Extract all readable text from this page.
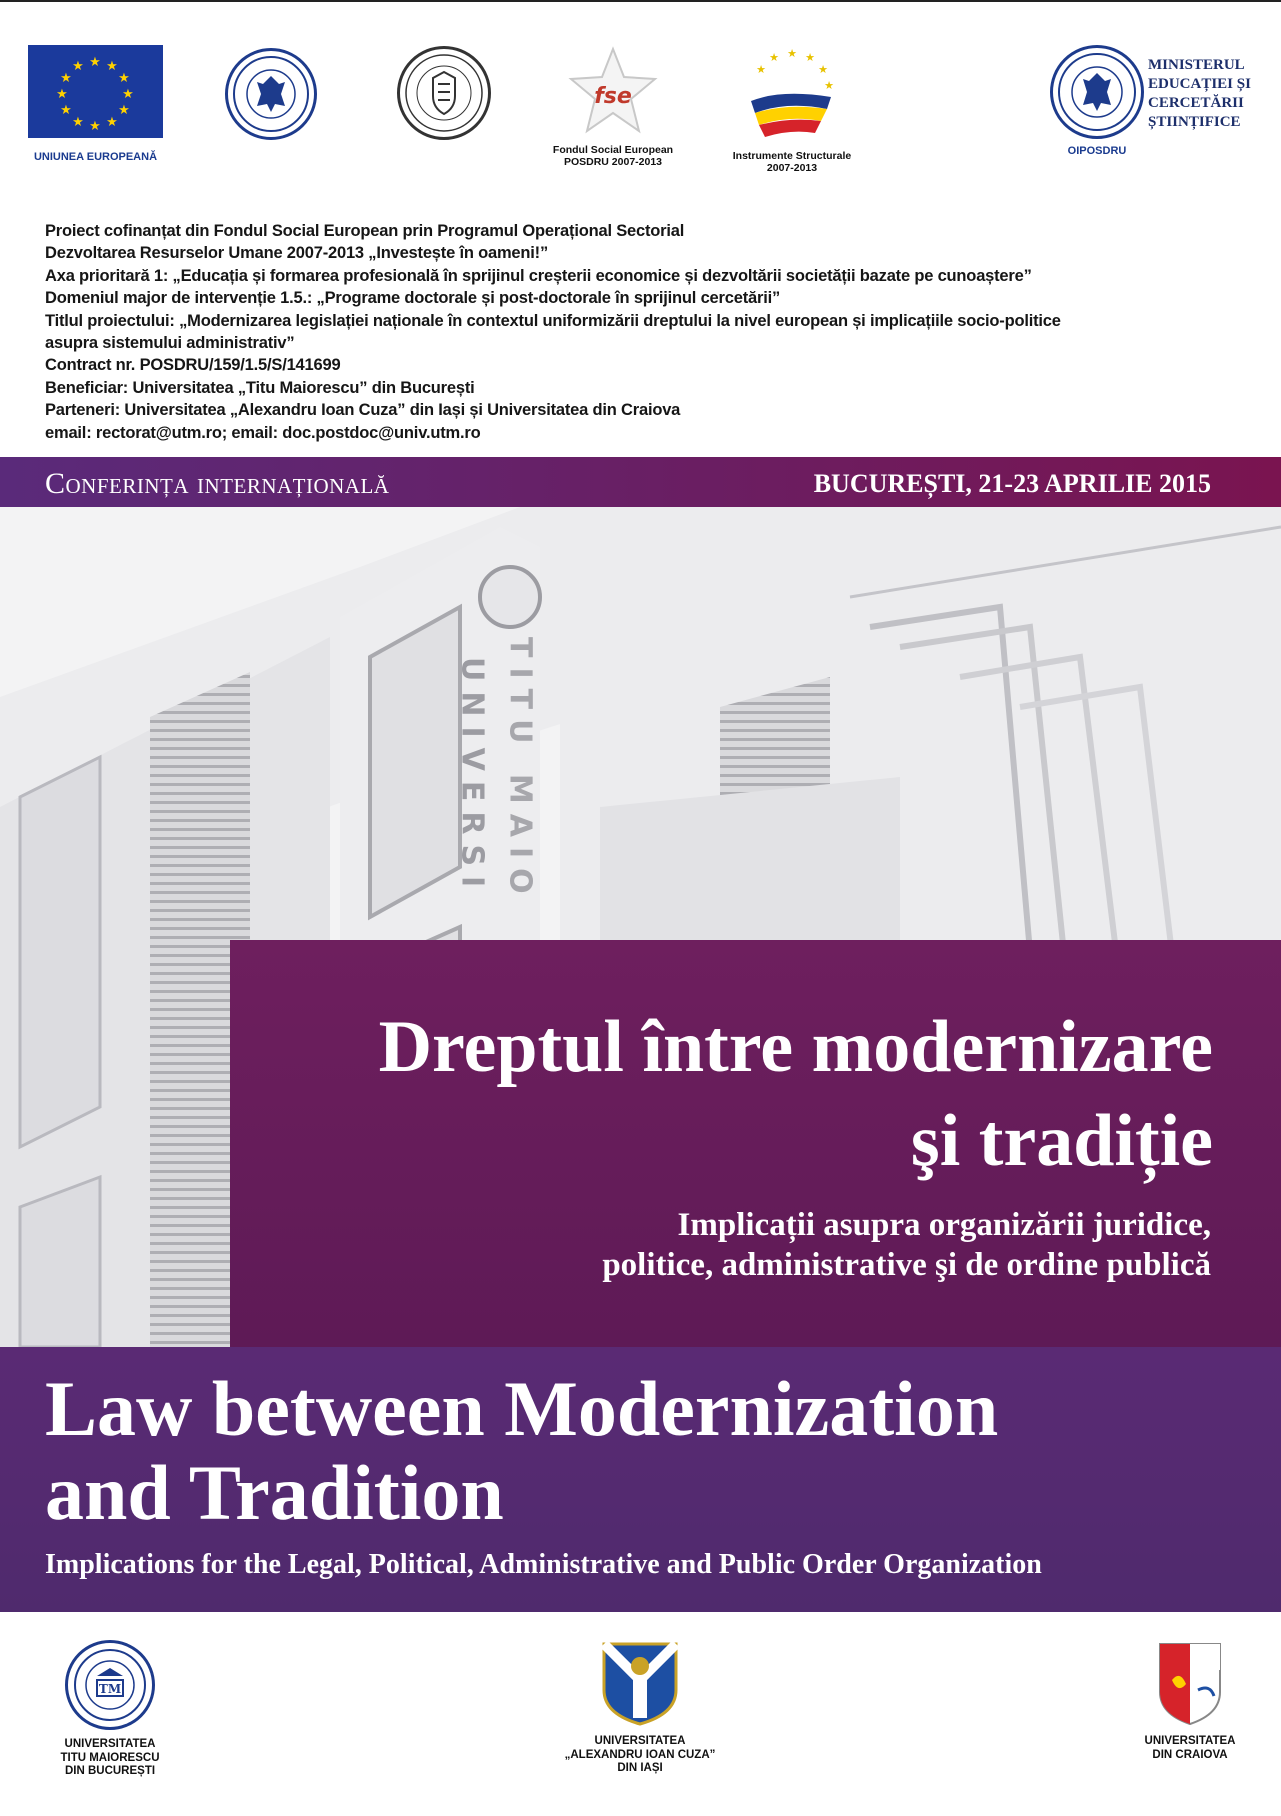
★ ★
★
★
★
★
★
★
★
★
★
★
UNIUNEA EUROPEANĂ
fse
Fondul Social European
POSDRU 2007-2013
★ ★
★
★
★
★
Instrumente Structurale
2007-2013
OIPOSDRU
MINISTERUL
EDUCAȚIEI ȘI
CERCETĂRII
ȘTIINȚIFICE
Proiect cofinanțat din Fondul Social European prin Programul Operațional Sectorial
Dezvoltarea Resurselor Umane 2007-2013 „Investește în oameni!”
Axa prioritară 1: „Educația și formarea profesională în sprijinul creșterii economice și dezvoltării societății bazate pe cunoaștere”
Domeniul major de intervenție 1.5.: „Programe doctorale și post-doctorale în sprijinul cercetării”
Titlul proiectului: „Modernizarea legislației naționale în contextul uniformizării dreptului la nivel european și implicațiile socio-politice
asupra sistemului administrativ”
Contract nr. POSDRU/159/1.5/S/141699
Beneficiar: Universitatea „Titu Maiorescu” din București
Parteneri: Universitatea „Alexandru Ioan Cuza” din Iași și Universitatea din Craiova
email: rectorat@utm.ro; email: doc.postdoc@univ.utm.ro
Conferința internațională	BUCUREȘTI, 21-23 APRILIE 2015
UNIVERSI TITU MAIO
Dreptul între modernizare
şi tradiție
Implicații asupra organizării juridice,
politice, administrative şi de ordine publică
Law between Modernization
and Tradition
Implications for the Legal, Political, Administrative and Public Order Organization
TM
UNIVERSITATEA
TITU MAIORESCU
DIN BUCUREȘTI
UNIVERSITATEA
„ALEXANDRU IOAN CUZA”
DIN IAȘI
UNIVERSITATEA
DIN CRAIOVA
